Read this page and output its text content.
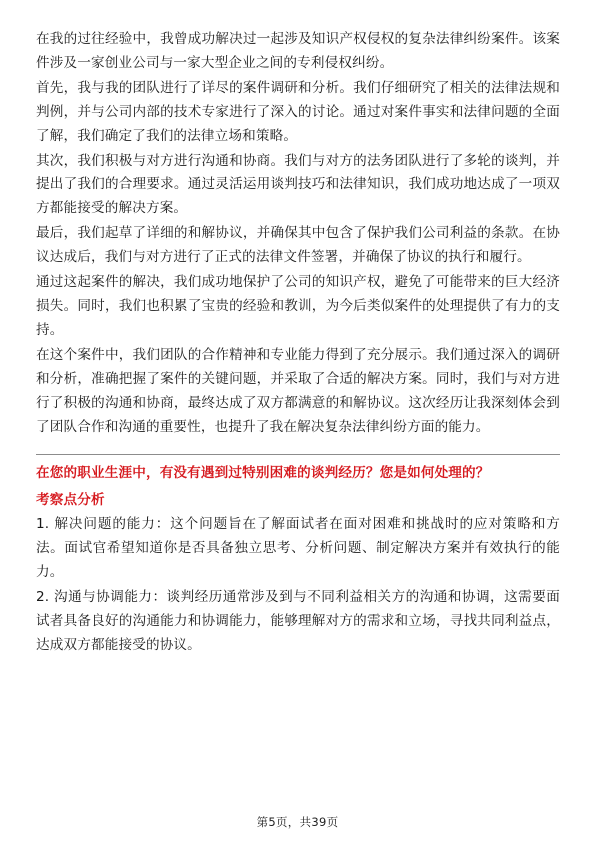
在我的过往经验中，我曾成功解决过一起涉及知识产权侵权的复杂法律纠纷案件。该案件涉及一家创业公司与一家大型企业之间的专利侵权纠纷。

首先，我与我的团队进行了详尽的案件调研和分析。我们仔细研究了相关的法律法规和判例，并与公司内部的技术专家进行了深入的讨论。通过对案件事实和法律问题的全面了解，我们确定了我们的法律立场和策略。

其次，我们积极与对方进行沟通和协商。我们与对方的法务团队进行了多轮的谈判，并提出了我们的合理要求。通过灵活运用谈判技巧和法律知识，我们成功地达成了一项双方都能接受的解决方案。

最后，我们起草了详细的和解协议，并确保其中包含了保护我们公司利益的条款。在协议达成后，我们与对方进行了正式的法律文件签署，并确保了协议的执行和履行。

通过这起案件的解决，我们成功地保护了公司的知识产权，避免了可能带来的巨大经济损失。同时，我们也积累了宝贵的经验和教训，为今后类似案件的处理提供了有力的支持。

在这个案件中，我们团队的合作精神和专业能力得到了充分展示。我们通过深入的调研和分析，准确把握了案件的关键问题，并采取了合适的解决方案。同时，我们与对方进行了积极的沟通和协商，最终达成了双方都满意的和解协议。这次经历让我深刻体会到了团队合作和沟通的重要性，也提升了我在解决复杂法律纠纷方面的能力。

在您的职业生涯中，有没有遇到过特别困难的谈判经历？您是如何处理的？

考察点分析

1. 解决问题的能力：这个问题旨在了解面试者在面对困难和挑战时的应对策略和方法。面试官希望知道你是否具备独立思考、分析问题、制定解决方案并有效执行的能力。

2. 沟通与协调能力：谈判经历通常涉及到与不同利益相关方的沟通和协调，这需要面试者具备良好的沟通能力和协调能力，能够理解对方的需求和立场，寻找共同利益点，达成双方都能接受的协议。

第5页，共39页
